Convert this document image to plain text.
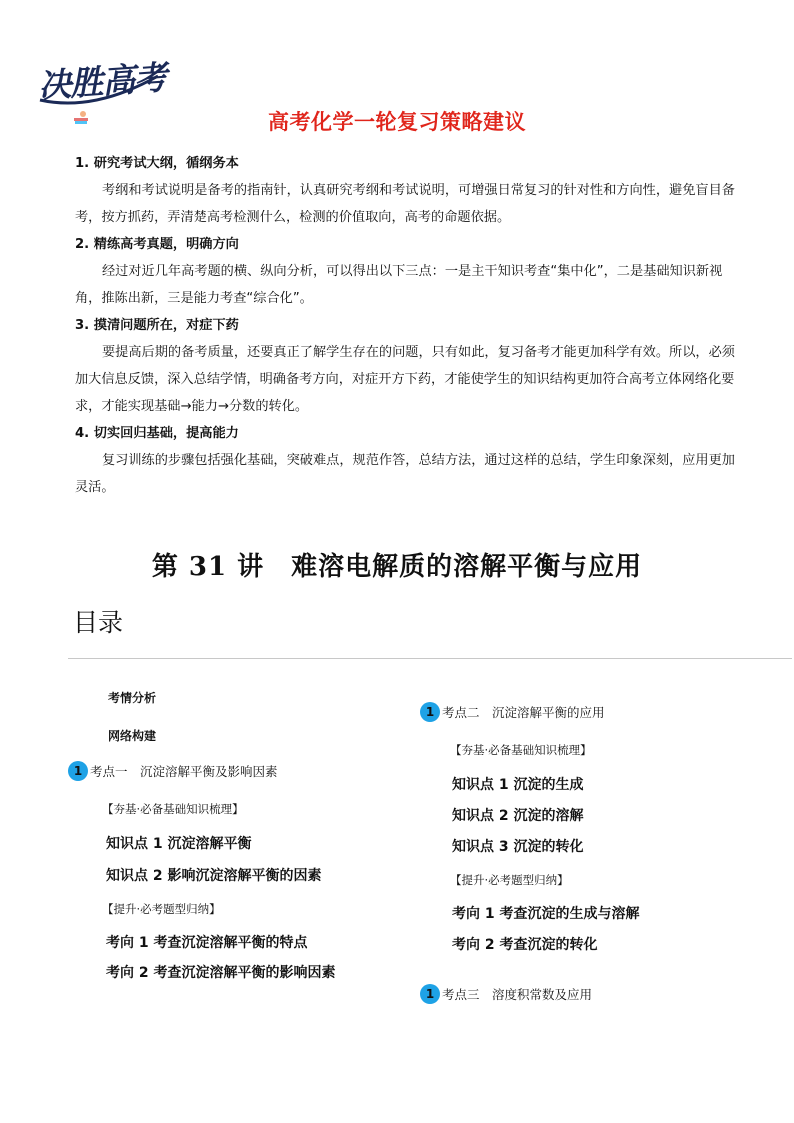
决胜高考
高考化学一轮复习策略建议
1. 研究考试大纲，循纲务本
考纲和考试说明是备考的指南针，认真研究考纲和考试说明，可增强日常复习的针对性和方向性，避免盲目备考，按方抓药，弄清楚高考检测什么，检测的价值取向，高考的命题依据。
2. 精练高考真题，明确方向
经过对近几年高考题的横、纵向分析，可以得出以下三点：一是主干知识考查“集中化”，二是基础知识新视角，推陈出新，三是能力考查“综合化”。
3. 摸清问题所在，对症下药
要提高后期的备考质量，还要真正了解学生存在的问题，只有如此，复习备考才能更加科学有效。所以，必须加大信息反馈，深入总结学情，明确备考方向，对症开方下药，才能使学生的知识结构更加符合高考立体网络化要求，才能实现基础→能力→分数的转化。
4. 切实回归基础，提高能力
复习训练的步骤包括强化基础，突破难点，规范作答，总结方法，通过这样的总结，学生印象深刻，应用更加灵活。
第 31 讲　难溶电解质的溶解平衡与应用
目录
考情分析
网络构建
1 考点一　沉淀溶解平衡及影响因素
【夯基·必备基础知识梳理】
知识点 1 沉淀溶解平衡
知识点 2 影响沉淀溶解平衡的因素
【提升·必考题型归纳】
考向 1 考查沉淀溶解平衡的特点
考向 2 考查沉淀溶解平衡的影响因素
1 考点二　沉淀溶解平衡的应用
【夯基·必备基础知识梳理】
知识点 1 沉淀的生成
知识点 2 沉淀的溶解
知识点 3 沉淀的转化
【提升·必考题型归纳】
考向 1 考查沉淀的生成与溶解
考向 2 考查沉淀的转化
1 考点三　溶度积常数及应用
